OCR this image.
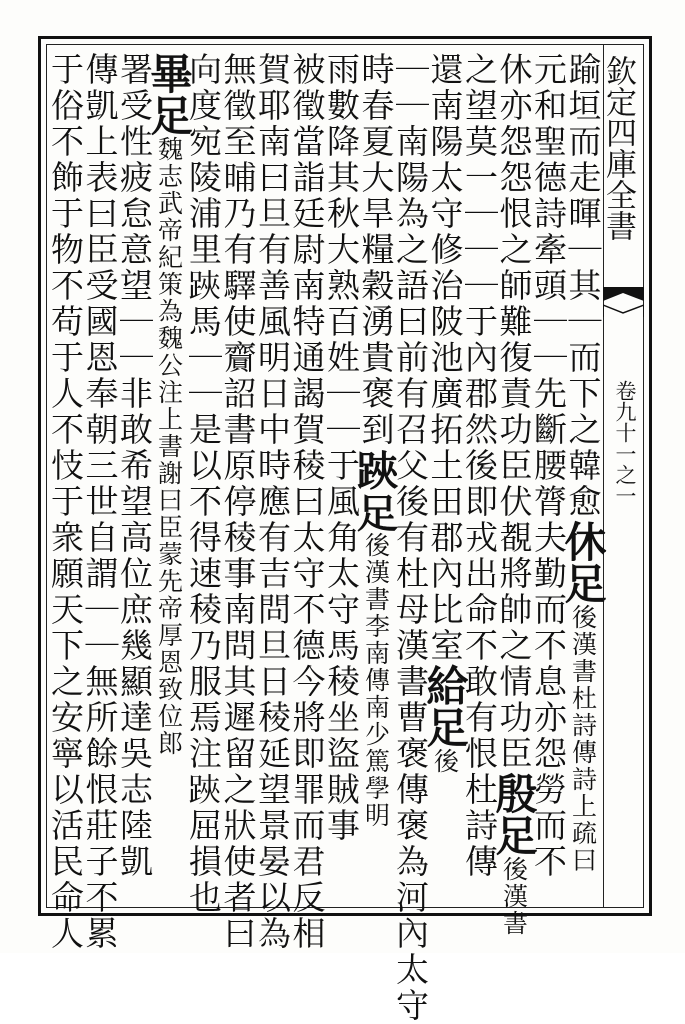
欽定四庫全書
卷九十一之一
踰垣而走暉｜其｜而下之韓愈休足後漢書杜詩傳詩上疏曰
元和聖德詩牽頭｜｜先斷腰膂夫勤而不息亦怨勞而不
休亦怨怨恨之師難復責功臣伏覩將帥之情功臣殷足後漢書
之望莫一｜｜｜于內郡然後即戎出命不敢有恨杜詩傳
還南陽太守修治陂池廣拓土田郡內比室給足後
｜｜南陽為之語曰前有召父後有杜母漢書曹褒傳褒為河內太守
時春夏大旱糧穀湧貴褒到𨁂足後漢書李南傳南少篤學明
雨數降其秋大熟百姓｜｜于風角太守馬稜坐盜賊事
被徵當詣廷尉南特通謁賀稜曰太守不德今將即罪而君反相
賀耶南曰旦有善風明日中時應有吉問旦日稜延望景晏以為
無徵至晡乃有驛使齎詔書原停稜事南問其遲留之狀使者曰
向度宛陵浦里𨁂馬｜｜是以不得速稜乃服焉注𨁂屈損也
畢足魏志武帝紀策為魏公注上書謝曰臣蒙先帝厚恩致位郎
署受性疲怠意望｜｜非敢希望高位庶幾顯達吳志陸凱
傳凱上表曰臣受國恩奉朝三世自謂｜｜無所餘恨莊子不累
于俗不飾于物不苟于人不忮于衆願天下之安寧以活民命人
